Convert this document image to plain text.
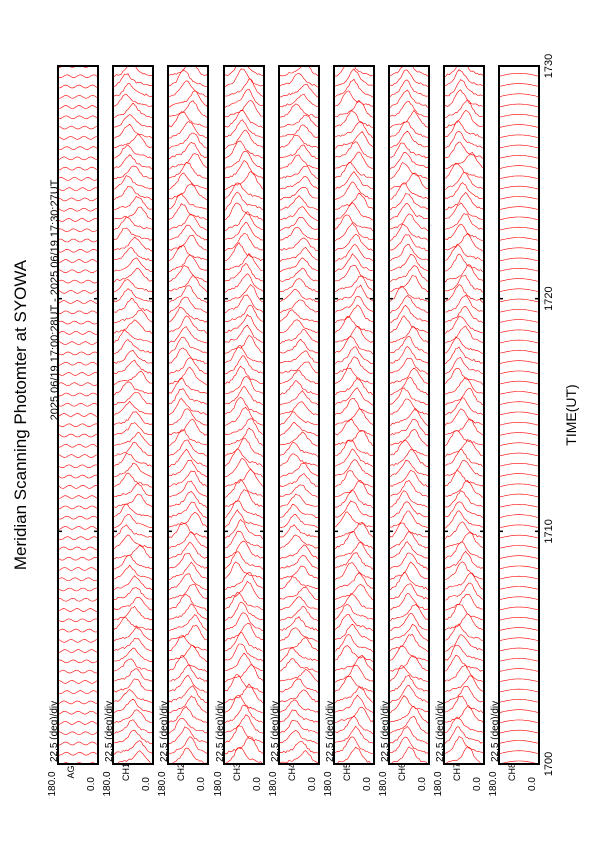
Meridian Scanning Photomter at SYOWA 2025 06/19 17:00:28UT - 2025 06/19 17:30:27UT	TIME(UT)
22.5 (deg)/div
180.0	0.0
AG
22.5 (deg)/div
180.0	0.0
CH1
22.5 (deg)/div
180.0	0.0
CH2
22.5 (deg)/div
180.0	0.0
CH3
22.5 (deg)/div
180.0	0.0
CH4
22.5 (deg)/div
180.0	0.0
CH5
22.5 (deg)/div
180.0	0.0
CH6
22.5 (deg)/div
180.0	0.0
CH7
22.5 (deg)/div
180.0	0.0
CH8 1700
1710
1720
1730
